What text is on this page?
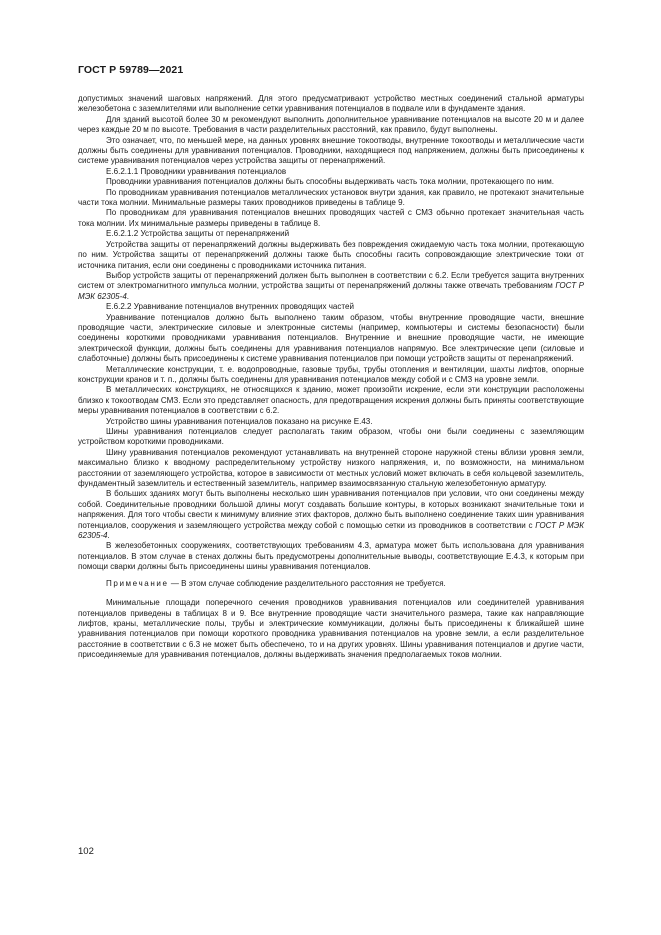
ГОСТ Р 59789—2021

допустимых значений шаговых напряжений. Для этого предусматривают устройство местных соединений стальной арматуры железобетона с заземлителями или выполнение сетки уравнивания потенциалов в подвале или в фундаменте здания.

Для зданий высотой более 30 м рекомендуют выполнить дополнительное уравнивание потенциалов на высоте 20 м и далее через каждые 20 м по высоте. Требования в части разделительных расстояний, как правило, будут выполнены.

Это означает, что, по меньшей мере, на данных уровнях внешние токоотводы, внутренние токоотводы и металлические части должны быть соединены для уравнивания потенциалов. Проводники, находящиеся под напряжением, должны быть присоединены к системе уравнивания потенциалов через устройства защиты от перенапряжений.

Е.6.2.1.1 Проводники уравнивания потенциалов

Проводники уравнивания потенциалов должны быть способны выдерживать часть тока молнии, протекающего по ним.

По проводникам уравнивания потенциалов металлических установок внутри здания, как правило, не протекают значительные части тока молнии. Минимальные размеры таких проводников приведены в таблице 9.

По проводникам для уравнивания потенциалов внешних проводящих частей с СМЗ обычно протекает значительная часть тока молнии. Их минимальные размеры приведены в таблице 8.

Е.6.2.1.2 Устройства защиты от перенапряжений

Устройства защиты от перенапряжений должны выдерживать без повреждения ожидаемую часть тока молнии, протекающую по ним. Устройства защиты от перенапряжений должны также быть способны гасить сопровождающие электрические токи от источника питания, если они соединены с проводниками источника питания.

Выбор устройств защиты от перенапряжений должен быть выполнен в соответствии с 6.2. Если требуется защита внутренних систем от электромагнитного импульса молнии, устройства защиты от перенапряжений должны также отвечать требованиям ГОСТ Р МЭК 62305-4.

Е.6.2.2 Уравнивание потенциалов внутренних проводящих частей

Уравнивание потенциалов должно быть выполнено таким образом, чтобы внутренние проводящие части, внешние проводящие части, электрические силовые и электронные системы (например, компьютеры и системы безопасности) были соединены короткими проводниками уравнивания потенциалов. Внутренние и внешние проводящие части, не имеющие электрической функции, должны быть соединены для уравнивания потенциалов напрямую. Все электрические цепи (силовые и слаботочные) должны быть присоединены к системе уравнивания потенциалов при помощи устройств защиты от перенапряжений.

Металлические конструкции, т. е. водопроводные, газовые трубы, трубы отопления и вентиляции, шахты лифтов, опорные конструкции кранов и т. п., должны быть соединены для уравнивания потенциалов между собой и с СМЗ на уровне земли.

В металлических конструкциях, не относящихся к зданию, может произойти искрение, если эти конструкции расположены близко к токоотводам СМЗ. Если это представляет опасность, для предотвращения искрения должны быть приняты соответствующие меры уравнивания потенциалов в соответствии с 6.2.

Устройство шины уравнивания потенциалов показано на рисунке Е.43.

Шины уравнивания потенциалов следует располагать таким образом, чтобы они были соединены с заземляющим устройством короткими проводниками.

Шину уравнивания потенциалов рекомендуют устанавливать на внутренней стороне наружной стены вблизи уровня земли, максимально близко к вводному распределительному устройству низкого напряжения, и, по возможности, на минимальном расстоянии от заземляющего устройства, которое в зависимости от местных условий может включать в себя кольцевой заземлитель, фундаментный заземлитель и естественный заземлитель, например взаимосвязанную стальную железобетонную арматуру.

В больших зданиях могут быть выполнены несколько шин уравнивания потенциалов при условии, что они соединены между собой. Соединительные проводники большой длины могут создавать большие контуры, в которых возникают значительные токи и напряжения. Для того чтобы свести к минимуму влияние этих факторов, должно быть выполнено соединение таких шин уравнивания потенциалов, сооружения и заземляющего устройства между собой с помощью сетки из проводников в соответствии с ГОСТ Р МЭК 62305-4.

В железобетонных сооружениях, соответствующих требованиям 4.3, арматура может быть использована для уравнивания потенциалов. В этом случае в стенах должны быть предусмотрены дополнительные выводы, соответствующие Е.4.3, к которым при помощи сварки должны быть присоединены шины уравнивания потенциалов.

Примечание — В этом случае соблюдение разделительного расстояния не требуется.

Минимальные площади поперечного сечения проводников уравнивания потенциалов или соединителей уравнивания потенциалов приведены в таблицах 8 и 9. Все внутренние проводящие части значительного размера, такие как направляющие лифтов, краны, металлические полы, трубы и электрические коммуникации, должны быть присоединены к ближайшей шине уравнивания потенциалов при помощи короткого проводника уравнивания потенциалов на уровне земли, а если разделительное расстояние в соответствии с 6.3 не может быть обеспечено, то и на других уровнях. Шины уравнивания потенциалов и другие части, присоединяемые для уравнивания потенциалов, должны выдерживать значения предполагаемых токов молнии.

102
